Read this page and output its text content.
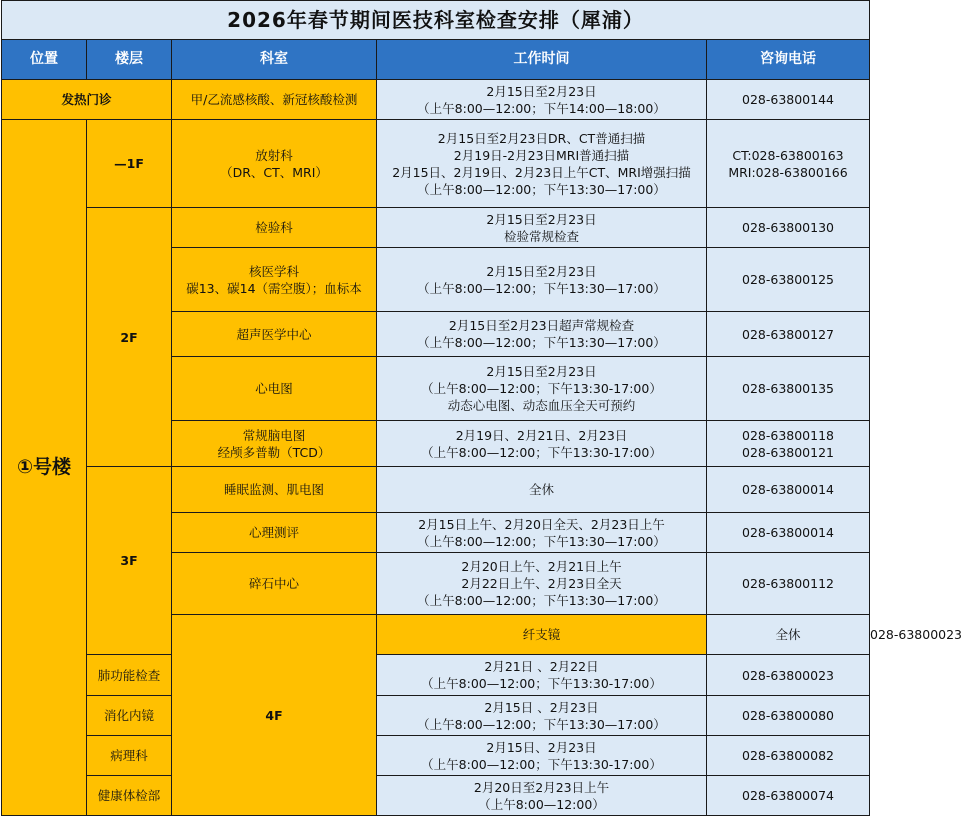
2026年春节期间医技科室检查安排（犀浦）					
位置	楼层	科室	工作时间	咨询电话	
发热门诊		甲/乙流感核酸、新冠核酸检测	2月15日至2月23日
（上午8:00—12:00；下午14:00—18:00）	028-63800144	

①号楼	—1F	放射科
（DR、CT、MRI）	2月15日至2月23日DR、CT普通扫描
2月19日-2月23日MRI普通扫描
2月15日、2月19日、2月23日上午CT、MRI增强扫描
（上午8:00—12:00；下午13:30—17:00）	CT:028-63800163
MRI:028-63800166	

	2F	检验科	2月15日至2月23日
检验常规检查	028-63800130	

		核医学科
碳13、碳14（需空腹）；血标本	2月15日至2月23日
（上午8:00—12:00；下午13:30—17:00）	028-63800125	

		超声医学中心	2月15日至2月23日超声常规检查
（上午8:00—12:00；下午13:30—17:00）	028-63800127	

		心电图	2月15日至2月23日
（上午8:00—12:00；下午13:30-17:00）
动态心电图、动态血压全天可预约	028-63800135	

		常规脑电图
经颅多普勒（TCD）	2月19日、2月21日、2月23日
（上午8:00—12:00；下午13:30-17:00）	028-63800118
028-63800121	

	3F	睡眠监测、肌电图	全休	028-63800014	

		心理测评	2月15日上午、2月20日全天、2月23日上午
（上午8:00—12:00；下午13:30—17:00）	028-63800014	

		碎石中心	2月20日上午、2月21日上午
2月22日上午、2月23日全天
（上午8:00—12:00；下午13:30—17:00）	028-63800112	

		4F	纤支镜	全休	028-63800023

	肺功能检查		2月21日 、2月22日
（上午8:00—12:00；下午13:30-17:00）	028-63800023	

	消化内镜		2月15日 、2月23日
（上午8:00—12:00；下午13:30—17:00）	028-63800080	

	病理科		2月15日、2月23日
（上午8:00—12:00；下午13:30-17:00）	028-63800082	

	健康体检部		2月20日至2月23日上午
（上午8:00—12:00）	028-63800074	
